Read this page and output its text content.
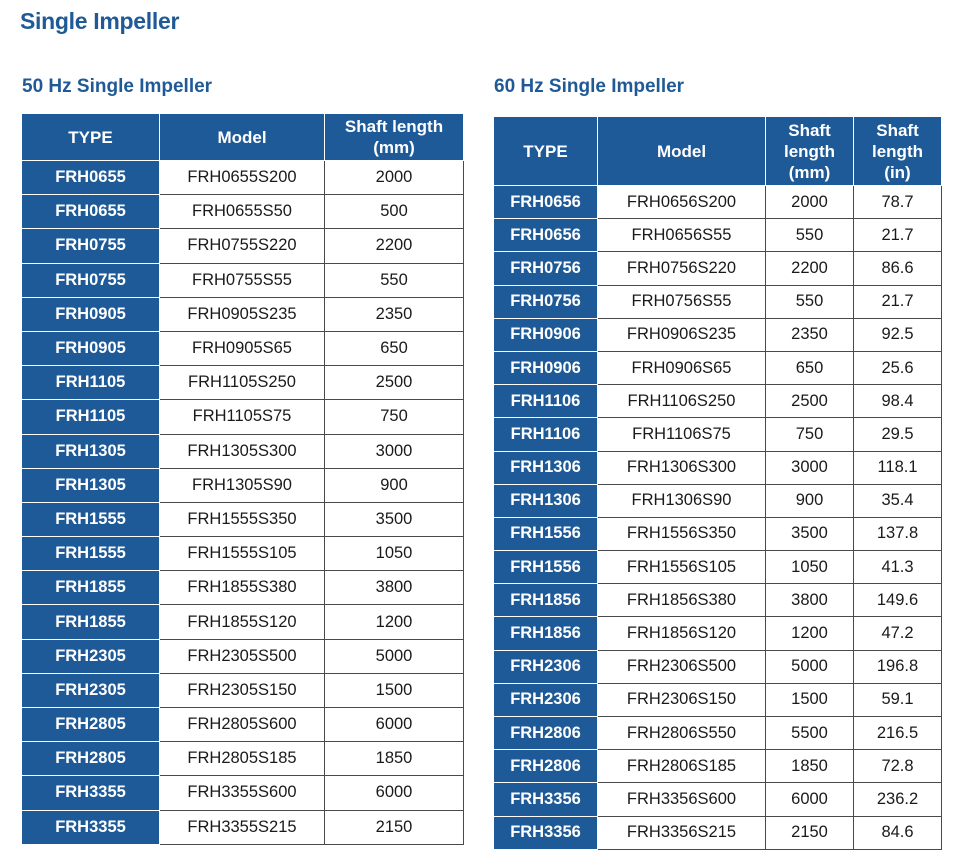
Single Impeller
50 Hz Single Impeller
TYPE	Model	Shaft length (mm)
FRH0655	FRH0655S200	2000
FRH0655	FRH0655S50	500
FRH0755	FRH0755S220	2200
FRH0755	FRH0755S55	550
FRH0905	FRH0905S235	2350
FRH0905	FRH0905S65	650
FRH1105	FRH1105S250	2500
FRH1105	FRH1105S75	750
FRH1305	FRH1305S300	3000
FRH1305	FRH1305S90	900
FRH1555	FRH1555S350	3500
FRH1555	FRH1555S105	1050
FRH1855	FRH1855S380	3800
FRH1855	FRH1855S120	1200
FRH2305	FRH2305S500	5000
FRH2305	FRH2305S150	1500
FRH2805	FRH2805S600	6000
FRH2805	FRH2805S185	1850
FRH3355	FRH3355S600	6000
FRH3355	FRH3355S215	2150
60 Hz Single Impeller
TYPE	Model	Shaft length (mm)	Shaft length (in)
FRH0656	FRH0656S200	2000	78.7
FRH0656	FRH0656S55	550	21.7
FRH0756	FRH0756S220	2200	86.6
FRH0756	FRH0756S55	550	21.7
FRH0906	FRH0906S235	2350	92.5
FRH0906	FRH0906S65	650	25.6
FRH1106	FRH1106S250	2500	98.4
FRH1106	FRH1106S75	750	29.5
FRH1306	FRH1306S300	3000	118.1
FRH1306	FRH1306S90	900	35.4
FRH1556	FRH1556S350	3500	137.8
FRH1556	FRH1556S105	1050	41.3
FRH1856	FRH1856S380	3800	149.6
FRH1856	FRH1856S120	1200	47.2
FRH2306	FRH2306S500	5000	196.8
FRH2306	FRH2306S150	1500	59.1
FRH2806	FRH2806S550	5500	216.5
FRH2806	FRH2806S185	1850	72.8
FRH3356	FRH3356S600	6000	236.2
FRH3356	FRH3356S215	2150	84.6
